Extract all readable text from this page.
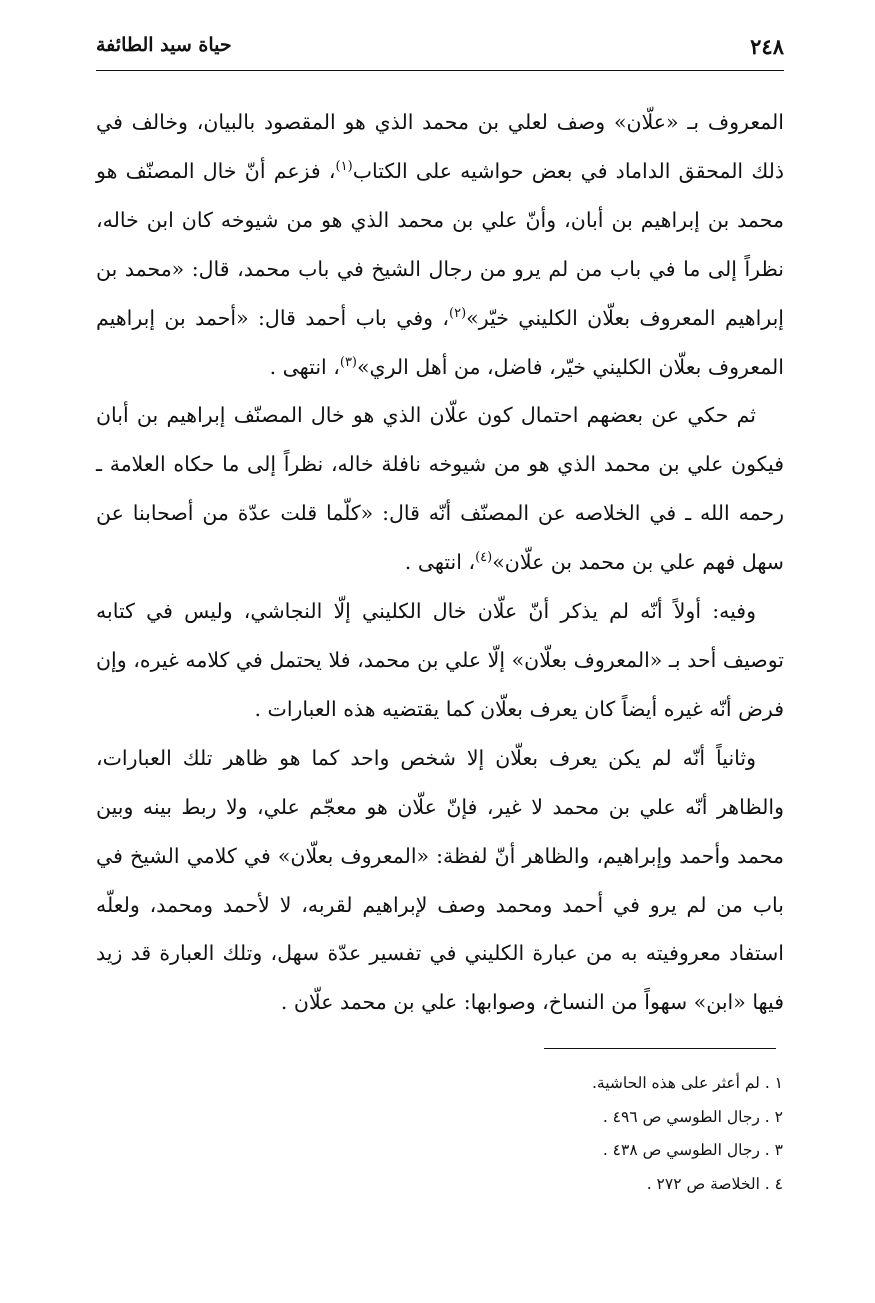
٢٤٨
حياة سيد الطائفة

المعروف بـ «علّان» وصف لعلي بن محمد الذي هو المقصود بالبيان، وخالف في ذلك المحقق الداماد في بعض حواشيه على الكتاب$^{(١)}$، فزعم أنّ خال المصنّف هو محمد بن إبراهيم بن أبان، وأنّ علي بن محمد الذي هو من شيوخه كان ابن خاله، نظراً إلى ما في باب من لم يرو من رجال الشيخ في باب محمد، قال: «محمد بن إبراهيم المعروف بعلّان الكليني خيّر»$^{(٢)}$، وفي باب أحمد قال: «أحمد بن إبراهيم المعروف بعلّان الكليني خيّر، فاضل، من أهل الري»$^{(٣)}$، انتهى .

ثم حكي عن بعضهم احتمال كون علّان الذي هو خال المصنّف إبراهيم بن أبان فيكون علي بن محمد الذي هو من شيوخه نافلة خاله، نظراً إلى ما حكاه العلامة ـ رحمه الله ـ في الخلاصه عن المصنّف أنّه قال: «كلّما قلت عدّة من أصحابنا عن سهل فهم علي بن محمد بن علّان»$^{(٤)}$، انتهى .

وفيه: أولاً أنّه لم يذكر أنّ علّان خال الكليني إلّا النجاشي، وليس في كتابه توصيف أحد بـ «المعروف بعلّان» إلّا علي بن محمد، فلا يحتمل في كلامه غيره، وإن فرض أنّه غيره أيضاً كان يعرف بعلّان كما يقتضيه هذه العبارات .

وثانياً أنّه لم يكن يعرف بعلّان إلا شخص واحد كما هو ظاهر تلك العبارات، والظاهر أنّه علي بن محمد لا غير، فإنّ علّان هو معجّم علي، ولا ربط بينه وبين محمد وأحمد وإبراهيم، والظاهر أنّ لفظة: «المعروف بعلّان» في كلامي الشيخ في باب من لم يرو في أحمد ومحمد وصف لإبراهيم لقربه، لا لأحمد ومحمد، ولعلّه استفاد معروفيته به من عبارة الكليني في تفسير عدّة سهل، وتلك العبارة قد زيد فيها «ابن» سهواً من النساخ، وصوابها: علي بن محمد علّان .

١ . لم أعثر على هذه الحاشية.

٢ . رجال الطوسي ص ٤٩٦ .

٣ . رجال الطوسي ص ٤٣٨ .

٤ . الخلاصة ص ٢٧٢ .
